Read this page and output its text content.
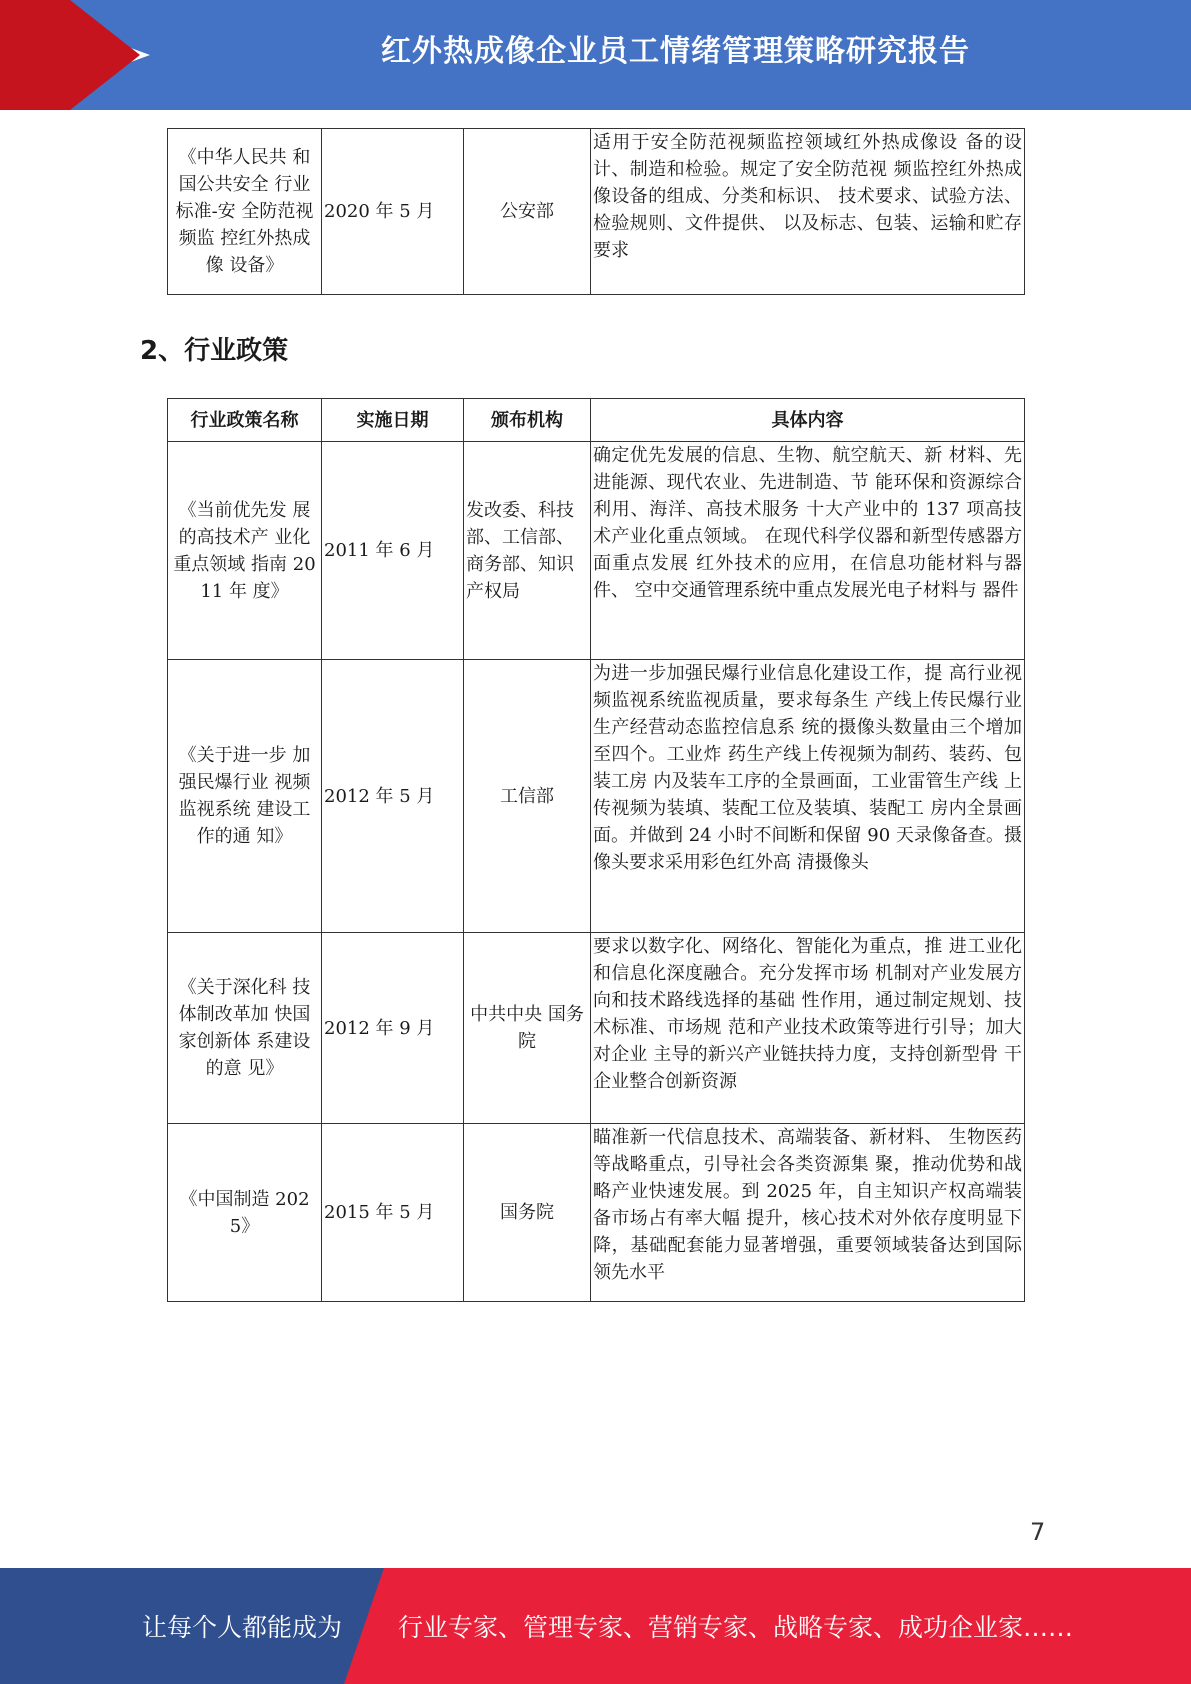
红外热成像企业员工情绪管理策略研究报告
《中华人民共 和国公共安全 行业标准-安 全防范视频监 控红外热成像 设备》	2020 年 5 月	公安部	适用于安全防范视频监控领域红外热成像设 备的设计、制造和检验。规定了安全防范视 频监控红外热成像设备的组成、分类和标识、 技术要求、试验方法、检验规则、文件提供、 以及标志、包装、运输和贮存要求
2、行业政策
行业政策名称	实施日期	颁布机构	具体内容
《当前优先发 展的高技术产 业化重点领域 指南 2011 年 度》	2011 年 6 月	发改委、科技部、工信部、商务部、知识产权局	确定优先发展的信息、生物、航空航天、新 材料、先进能源、现代农业、先进制造、节 能环保和资源综合利用、海洋、高技术服务 十大产业中的 137 项高技术产业化重点领域。 在现代科学仪器和新型传感器方面重点发展 红外技术的应用，在信息功能材料与器件、 空中交通管理系统中重点发展光电子材料与 器件
《关于进一步 加强民爆行业 视频监视系统 建设工作的通 知》	2012 年 5 月	工信部	为进一步加强民爆行业信息化建设工作，提 高行业视频监视系统监视质量，要求每条生 产线上传民爆行业生产经营动态监控信息系 统的摄像头数量由三个增加至四个。工业炸 药生产线上传视频为制药、装药、包装工房 内及装车工序的全景画面，工业雷管生产线 上传视频为装填、装配工位及装填、装配工 房内全景画面。并做到 24 小时不间断和保留 90 天录像备查。摄像头要求采用彩色红外高 清摄像头
《关于深化科 技体制改革加 快国家创新体 系建设的意 见》	2012 年 9 月	中共中央 国务院	要求以数字化、网络化、智能化为重点，推 进工业化和信息化深度融合。充分发挥市场 机制对产业发展方向和技术路线选择的基础 性作用，通过制定规划、技术标准、市场规 范和产业技术政策等进行引导；加大对企业 主导的新兴产业链扶持力度，支持创新型骨 干企业整合创新资源
《中国制造 2025》	2015 年 5 月	国务院	瞄准新一代信息技术、高端装备、新材料、 生物医药等战略重点，引导社会各类资源集 聚，推动优势和战略产业快速发展。到 2025 年，自主知识产权高端装备市场占有率大幅 提升，核心技术对外依存度明显下降，基础配套能力显著增强，重要领域装备达到国际 领先水平
7
让每个人都能成为 行业专家、管理专家、营销专家、战略专家、成功企业家……
